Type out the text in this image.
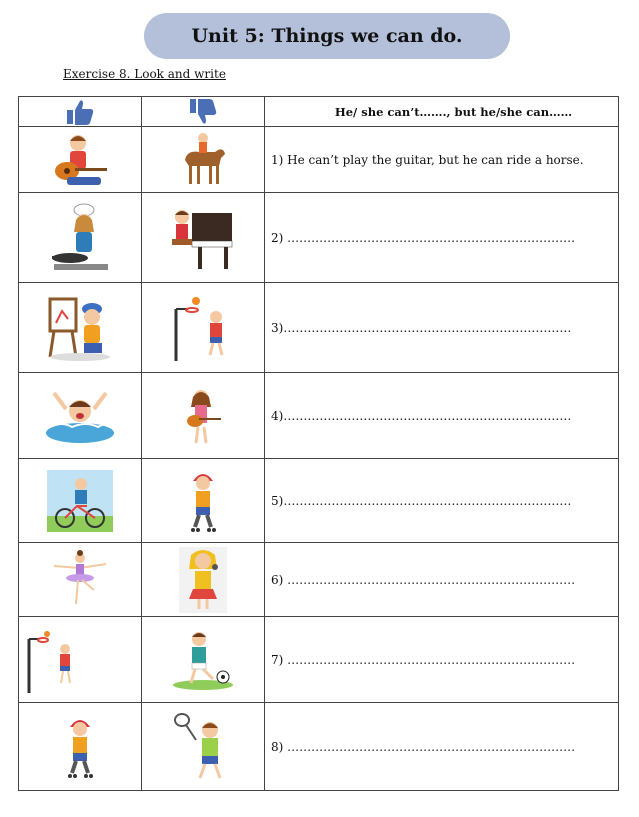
Unit 5: Things we can do.
Exercise 8. Look and write

He/ she can’t……., but he/she can……

	1) He can’t play the guitar, but he can ride a horse.

	2) ………………………………………………………………

	3)………………………………………………………………

	4)………………………………………………………………

	5)………………………………………………………………

	6) ………………………………………………………………

	7) ………………………………………………………………

	8) ………………………………………………………………
